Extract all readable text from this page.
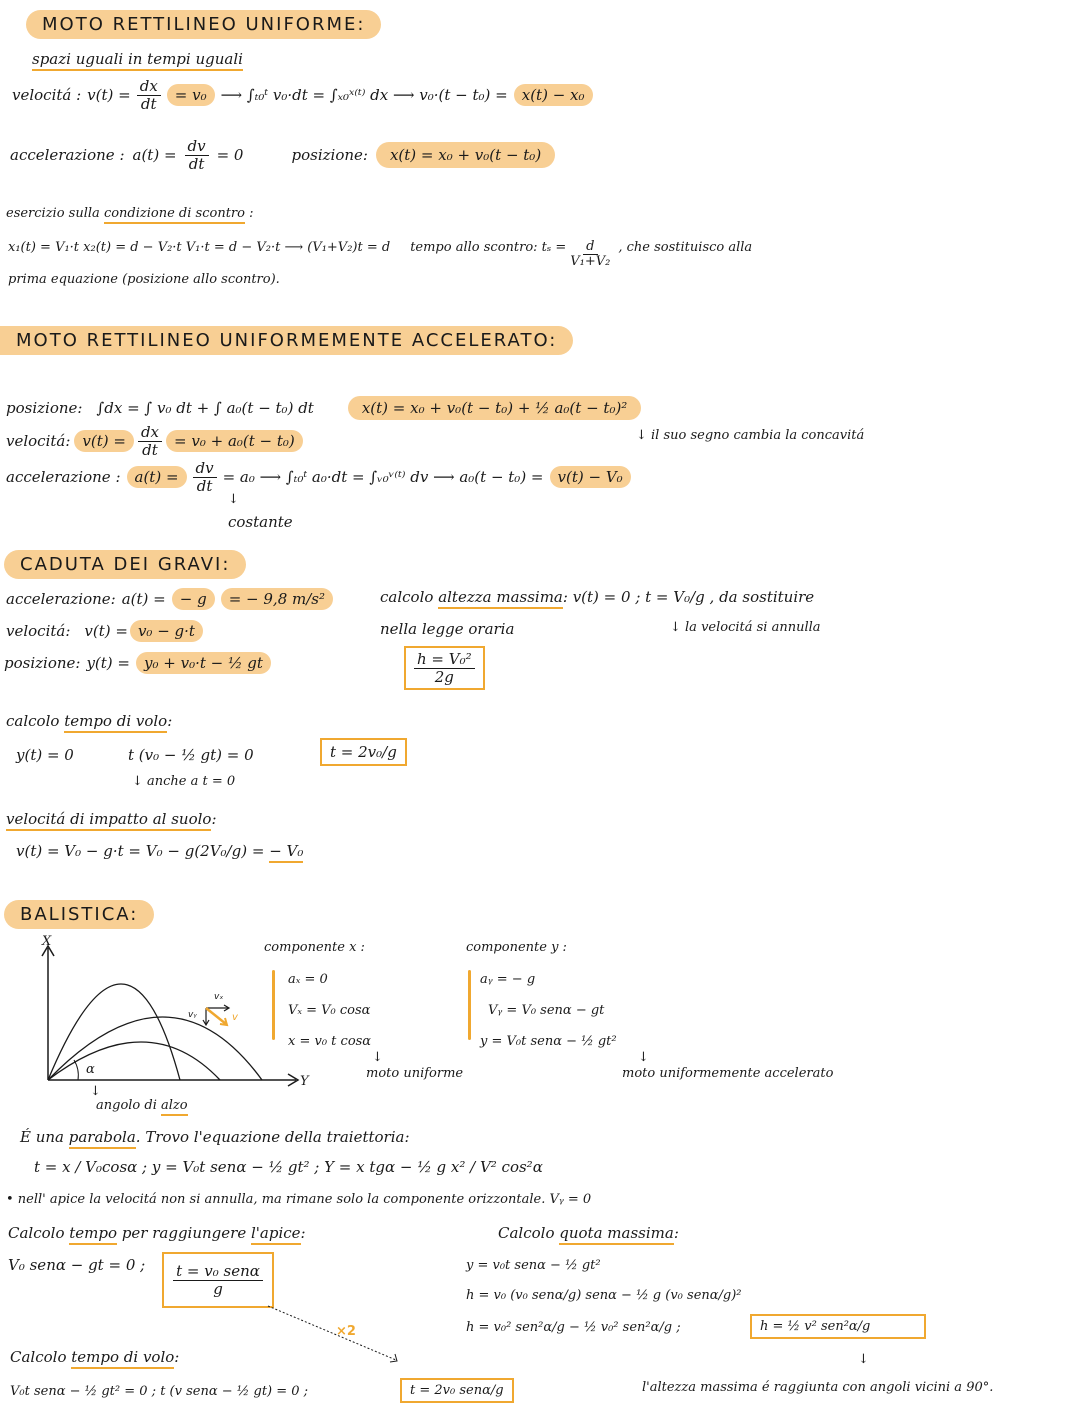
MOTO RETTILINEO UNIFORME:
spazi uguali in tempi uguali
velocitá : $v(t) = \frac{dx}{dt} = v_0$ ⟶ ∫ₜ₀ᵗ v₀·dt = ∫ₓ₀ˣ⁽ᵗ⁾ dx ⟶ v₀·(t − t₀) = x(t) − x₀
accelerazione : $a(t) = \frac{dv}{dt} = 0$	posizione:	x(t) = x₀ + v₀(t − t₀)
esercizio sulla condizione di scontro :
x₁(t) = V₁·t x₂(t) = d − V₂·t V₁·t = d − V₂·t ⟶ (V₁+V₂)t = d tempo allo scontro: $t_s = \frac{d}{\text{V₁+V₂}}$ , che sostituisco alla
prima equazione (posizione allo scontro).
MOTO RETTILINEO UNIFORMEMENTE ACCELERATO:
posizione: ∫dx = ∫ v₀ dt + ∫ a₀(t − t₀) dt	x(t) = x₀ + v₀(t − t₀) + ½ a₀(t − t₀)²
↓ il suo segno cambia la concavitá
velocitá: $v(t) = \frac{dx}{dt} = v_0 + a_0(t - t_0)$
accelerazione : $a(t) = \frac{dv}{dt} = a_0$ ⟶ ∫ₜ₀ᵗ a₀·dt = ∫ᵥ₀ᵛ⁽ᵗ⁾ dv ⟶ a₀(t − t₀) = v(t) − V₀
↓
costante
CADUTA DEI GRAVI:
accelerazione: a(t) = − g	= − 9,8 m/s²
velocitá: v(t) = v₀ − g·t
posizione: y(t) = y₀ + v₀·t − ½ gt
calcolo altezza massima: v(t) = 0 ; t = V₀/g , da sostituire
nella legge oraria	↓ la velocitá si annulla
$\frac{\text{h = V₀²}}{2g}$
calcolo tempo di volo:
y(t) = 0	t (v₀ − ½ gt) = 0
↓ anche a t = 0
t = 2v₀/g
velocitá di impatto al suolo:
v(t) = V₀ − g·t = V₀ − g(2V₀/g) = − V₀
BALISTICA:
X
Y
α
vₓ
vᵧ	v
↓
angolo di alzo
componente x :
aₓ = 0
Vₓ = V₀ cosα
x = v₀ t cosα
↓
moto uniforme
componente y :
aᵧ = − g
Vᵧ = V₀ senα − gt
y = V₀t senα − ½ gt²
↓
moto uniformemente accelerato
É una parabola. Trovo l'equazione della traiettoria:
t = x / V₀cosα ; y = V₀t senα − ½ gt² ; Y = x tgα − ½ g x² / V² cos²α
• nell' apice la velocitá non si annulla, ma rimane solo la componente orizzontale. Vᵧ = 0
Calcolo tempo per raggiungere l'apice:
V₀ senα − gt = 0 ; $\frac{\text{t = v₀ senα}}{g}$
×2
Calcolo quota massima:
y = v₀t senα − ½ gt²
h = v₀ (v₀ senα/g) senα − ½ g (v₀ senα/g)²
h = v₀² sen²α/g − ½ v₀² sen²α/g ;	h = ½ v² sen²α/g
↓
l'altezza massima é raggiunta con angoli vicini a 90°.
Calcolo tempo di volo:
V₀t senα − ½ gt² = 0 ; t (v senα − ½ gt) = 0 ;	t = 2v₀ senα/g
